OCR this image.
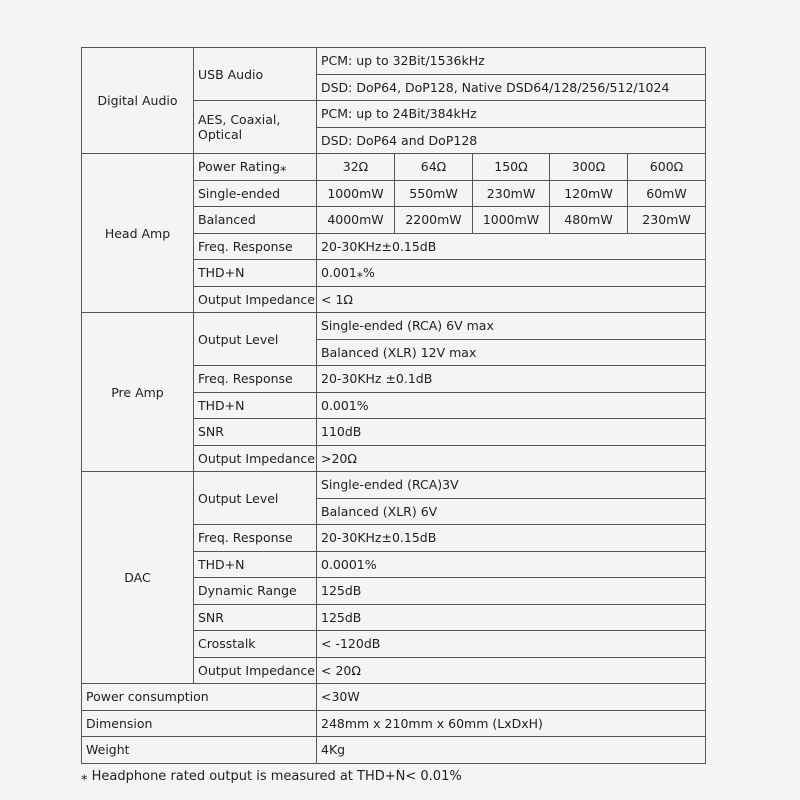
Digital Audio	USB Audio	PCM: up to 32Bit/1536kHz				
		DSD: DoP64, DoP128, Native DSD64/128/256/512/1024				
	AES, Coaxial, Optical	PCM: up to 24Bit/384kHz				
		DSD: DoP64 and DoP128				
Head Amp	Power Rating⁎	32Ω	64Ω	150Ω	300Ω	600Ω
	Single-ended	1000mW	550mW	230mW	120mW	60mW
	Balanced	4000mW	2200mW	1000mW	480mW	230mW
	Freq. Response	20-30KHz±0.15dB				
	THD+N	0.001⁎%				
	Output Impedance	< 1Ω				
Pre Amp	Output Level	Single-ended (RCA) 6V max				
		Balanced (XLR) 12V max				
	Freq. Response	20-30KHz ±0.1dB				
	THD+N	0.001%				
	SNR	110dB				
	Output Impedance	>20Ω				
DAC	Output Level	Single-ended (RCA)3V				
		Balanced (XLR) 6V				
	Freq. Response	20-30KHz±0.15dB				
	THD+N	0.0001%				
	Dynamic Range	125dB				
	SNR	125dB				
	Crosstalk	< -120dB				
	Output Impedance	< 20Ω				
Power consumption		<30W				
Dimension		248mm x 210mm x 60mm (LxDxH)				
Weight		4Kg				
⁎ Headphone rated output is measured at THD+N< 0.01%
